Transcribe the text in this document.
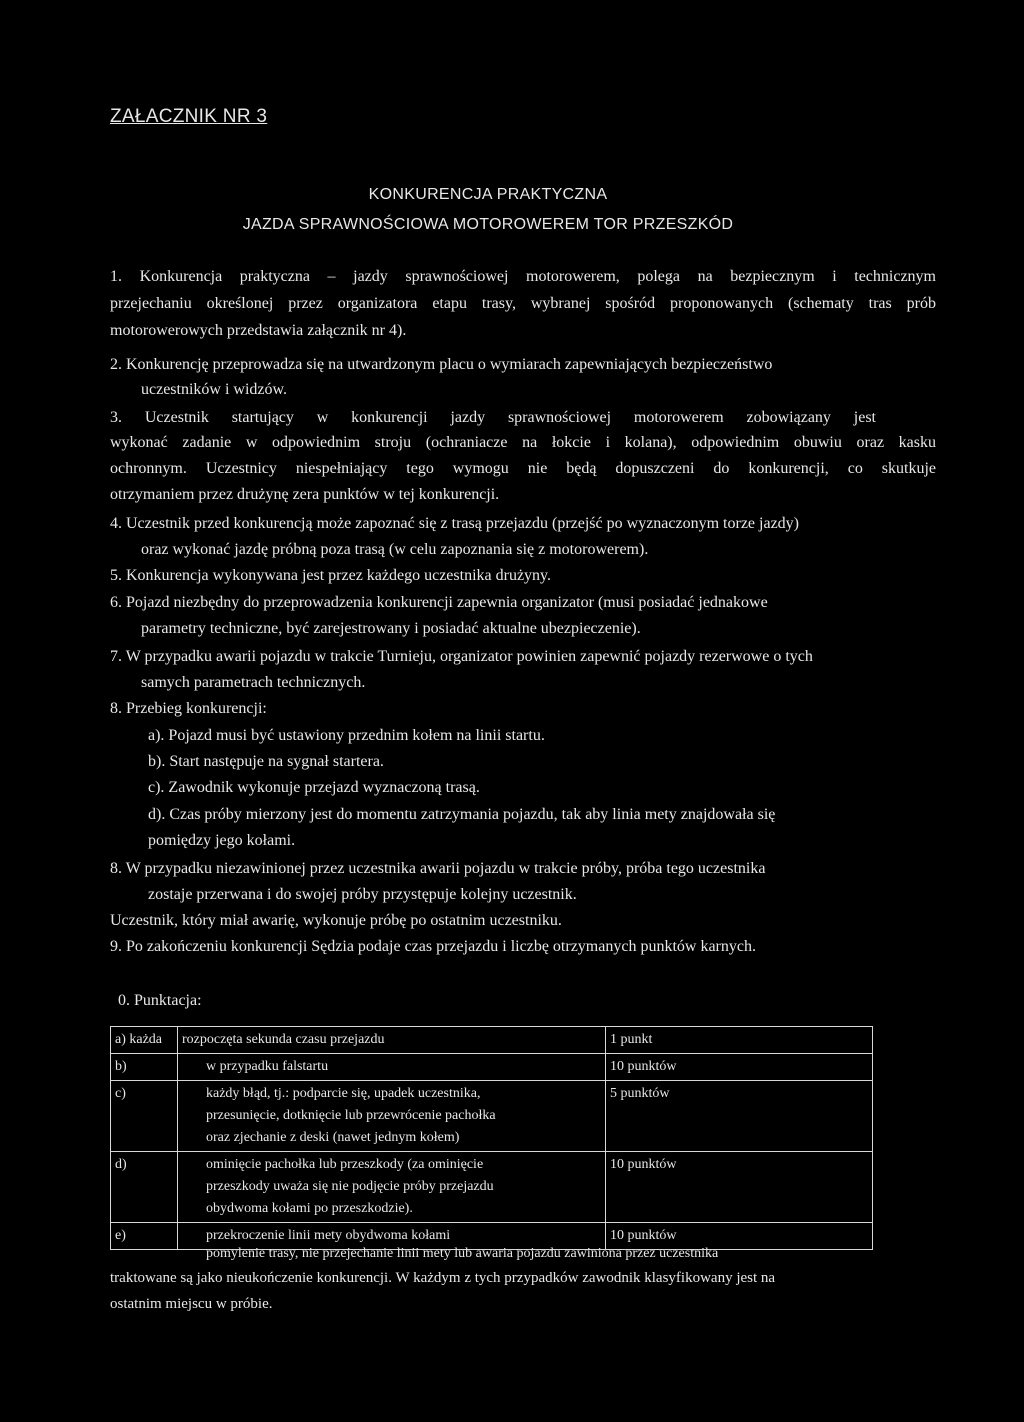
ZAŁACZNIK NR 3
KONKURENCJA PRAKTYCZNA
JAZDA SPRAWNOŚCIOWA MOTOROWEREM TOR PRZESZKÓD
1. Konkurencja praktyczna – jazdy sprawnościowej motorowerem, polega na bezpiecznym i technicznym
przejechaniu określonej przez organizatora etapu trasy, wybranej spośród proponowanych (schematy tras prób
motorowerowych przedstawia załącznik nr 4).
2. Konkurencję przeprowadza się na utwardzonym placu o wymiarach zapewniających bezpieczeństwo
uczestników i widzów.
3. Uczestnik startujący w konkurencji jazdy sprawnościowej motorowerem zobowiązany jest
wykonać zadanie w odpowiednim stroju (ochraniacze na łokcie i kolana), odpowiednim obuwiu oraz kasku
ochronnym. Uczestnicy niespełniający tego wymogu nie będą dopuszczeni do konkurencji, co skutkuje
otrzymaniem przez drużynę zera punktów w tej konkurencji.
4. Uczestnik przed konkurencją może zapoznać się z trasą przejazdu (przejść po wyznaczonym torze jazdy)
oraz wykonać jazdę próbną poza trasą (w celu zapoznania się z motorowerem).
5. Konkurencja wykonywana jest przez każdego uczestnika drużyny.
6. Pojazd niezbędny do przeprowadzenia konkurencji zapewnia organizator (musi posiadać jednakowe
parametry techniczne, być zarejestrowany i posiadać aktualne ubezpieczenie).
7. W przypadku awarii pojazdu w trakcie Turnieju, organizator powinien zapewnić pojazdy rezerwowe o tych
samych parametrach technicznych.
8. Przebieg konkurencji:
a). Pojazd musi być ustawiony przednim kołem na linii startu.
b). Start następuje na sygnał startera.
c). Zawodnik wykonuje przejazd wyznaczoną trasą.
d). Czas próby mierzony jest do momentu zatrzymania pojazdu, tak aby linia mety znajdowała się
pomiędzy jego kołami.
8. W przypadku niezawinionej przez uczestnika awarii pojazdu w trakcie próby, próba tego uczestnika
zostaje przerwana i do swojej próby przystępuje kolejny uczestnik.
Uczestnik, który miał awarię, wykonuje próbę po ostatnim uczestniku.
9. Po zakończeniu konkurencji Sędzia podaje czas przejazdu i liczbę otrzymanych punktów karnych.
0. Punktacja:
a) każda	rozpoczęta sekunda czasu przejazdu	1 punkt
b)	w przypadku falstartu	10 punktów
c)	każdy błąd, tj.: podparcie się, upadek uczestnika,
przesunięcie, dotknięcie lub przewrócenie pachołka
oraz zjechanie z deski (nawet jednym kołem)	5 punktów
d)	ominięcie pachołka lub przeszkody (za ominięcie
przeszkody uważa się nie podjęcie próby przejazdu
obydwoma kołami po przeszkodzie).	10 punktów
e)	przekroczenie linii mety obydwoma kołami	10 punktów
pomylenie trasy, nie przejechanie linii mety lub awaria pojazdu zawiniona przez uczestnika
traktowane są jako nieukończenie konkurencji. W każdym z tych przypadków zawodnik klasyfikowany jest na
ostatnim miejscu w próbie.
